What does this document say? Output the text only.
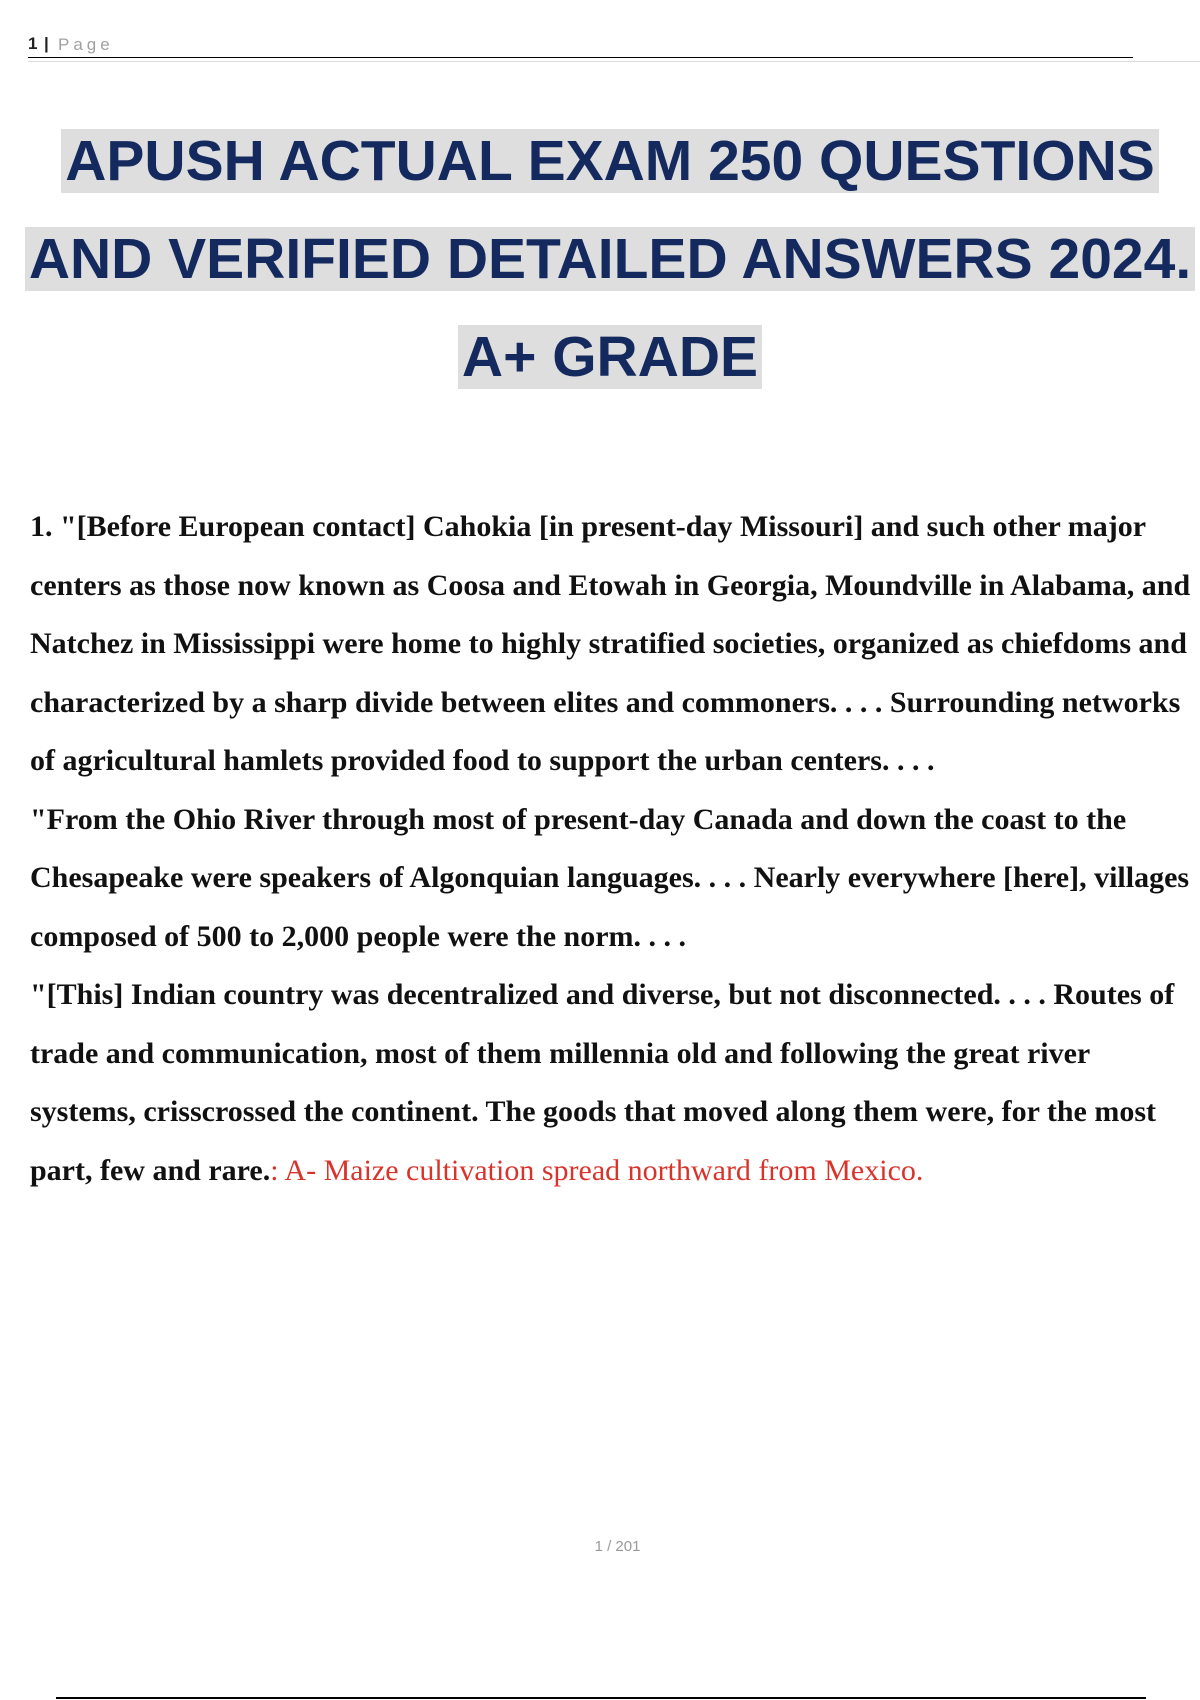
1 | Page
APUSH ACTUAL EXAM 250 QUESTIONS
AND VERIFIED DETAILED ANSWERS 2024.
A+ GRADE

1. "[Before European contact] Cahokia [in present-day Missouri] and such other major centers as those now known as Coosa and Etowah in Georgia, Moundville in Alabama, and Natchez in Mississippi were home to highly stratified societies, organized as chiefdoms and characterized by a sharp divide between elites and commoners. . . . Surrounding networks of agricultural hamlets provided food to support the urban centers. . . .

"From the Ohio River through most of present-day Canada and down the coast to the Chesapeake were speakers of Algonquian languages. . . . Nearly everywhere [here], villages composed of 500 to 2,000 people were the norm. . . .

"[This] Indian country was decentralized and diverse, but not disconnected. . . . Routes of trade and communication, most of them millennia old and following the great river systems, crisscrossed the continent. The goods that moved along them were, for the most part, few and rare.: A- Maize cultivation spread northward from Mexico.

1 / 201
